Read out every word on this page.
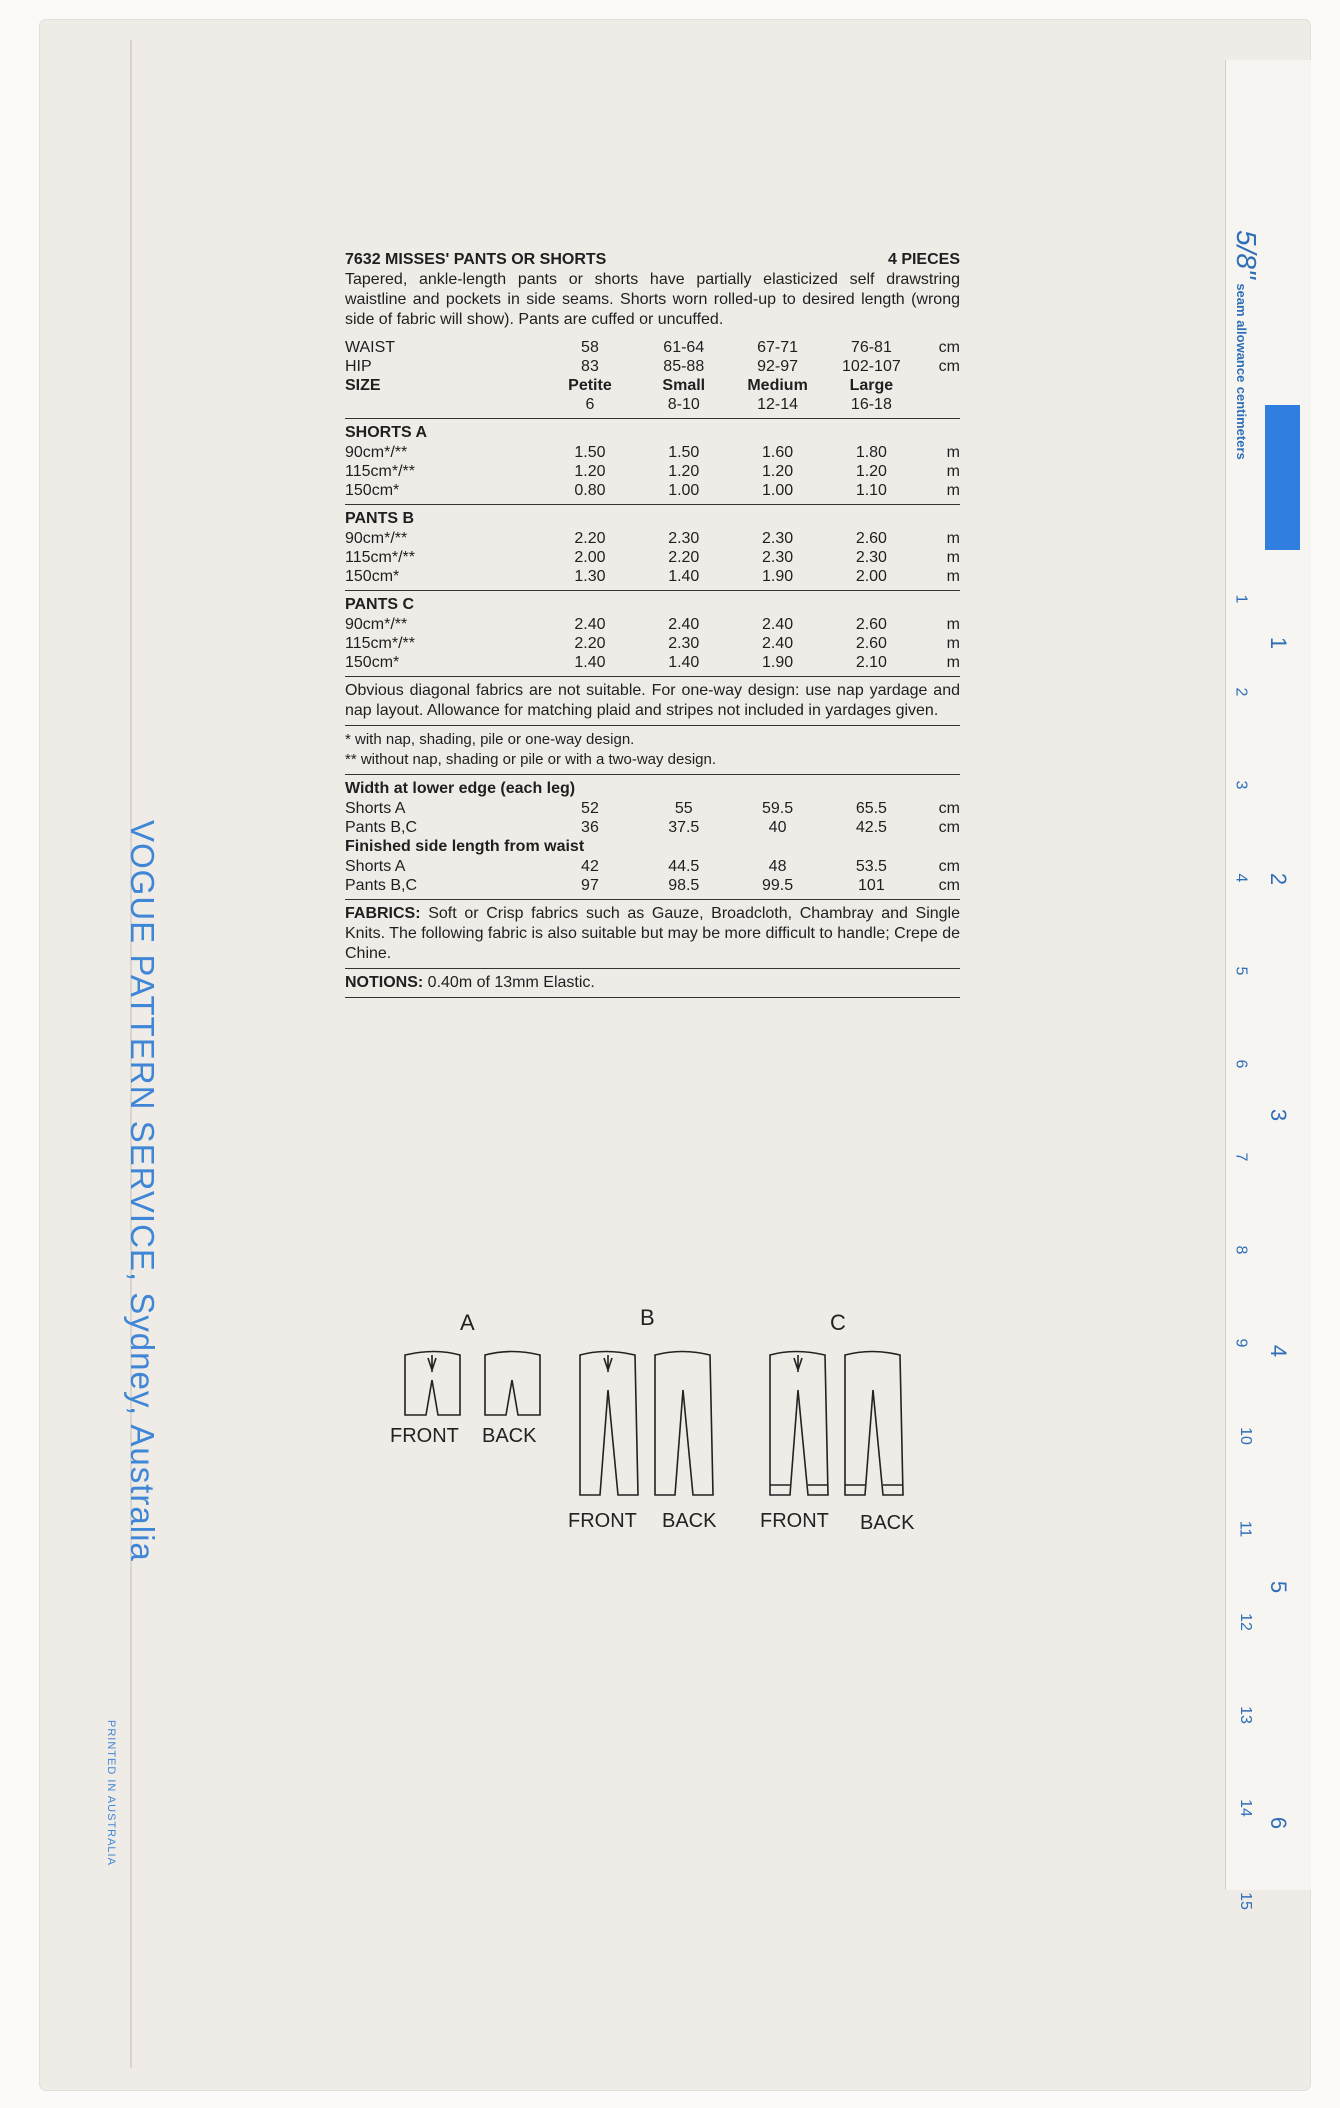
VOGUE PATTERN SERVICE, Sydney, Australia
PRINTED IN AUSTRALIA
7632 MISSES' PANTS OR SHORTS	4 PIECES

Tapered, ankle-length pants or shorts have partially elasticized self drawstring waistline and pockets in side seams. Shorts worn rolled-up to desired length (wrong side of fabric will show). Pants are cuffed or uncuffed.

WAIST	58	61-64	67-71	76-81	cm
HIP	83	85-88	92-97	102-107	cm
SIZE	Petite	Small	Medium	Large	
	6	8-10	12-14	16-18	
SHORTS A
90cm*/**	1.50	1.50	1.60	1.80	m
115cm*/**	1.20	1.20	1.20	1.20	m
150cm*	0.80	1.00	1.00	1.10	m
PANTS B
90cm*/**	2.20	2.30	2.30	2.60	m
115cm*/**	2.00	2.20	2.30	2.30	m
150cm*	1.30	1.40	1.90	2.00	m
PANTS C
90cm*/**	2.40	2.40	2.40	2.60	m
115cm*/**	2.20	2.30	2.40	2.60	m
150cm*	1.40	1.40	1.90	2.10	m

Obvious diagonal fabrics are not suitable. For one-way design: use nap yardage and nap layout. Allowance for matching plaid and stripes not included in yardages given.

* with nap, shading, pile or one-way design.
** without nap, shading or pile or with a two-way design.
Width at lower edge (each leg)
Shorts A	52	55	59.5	65.5	cm
Pants B,C	36	37.5	40	42.5	cm
Finished side length from waist
Shorts A	42	44.5	48	53.5	cm
Pants B,C	97	98.5	99.5	101	cm

FABRICS: Soft or Crisp fabrics such as Gauze, Broadcloth, Chambray and Single Knits. The following fabric is also suitable but may be more difficult to handle; Crepe de Chine.

NOTIONS: 0.40m of 13mm Elastic.

A	B	C
FRONT BACK
FRONT BACK FRONT BACK
5/8" seam allowance centimeters
1
2
3
4
5
6
7
8
9
10
11
12
13
14
15
1
2
3
4
5
6
